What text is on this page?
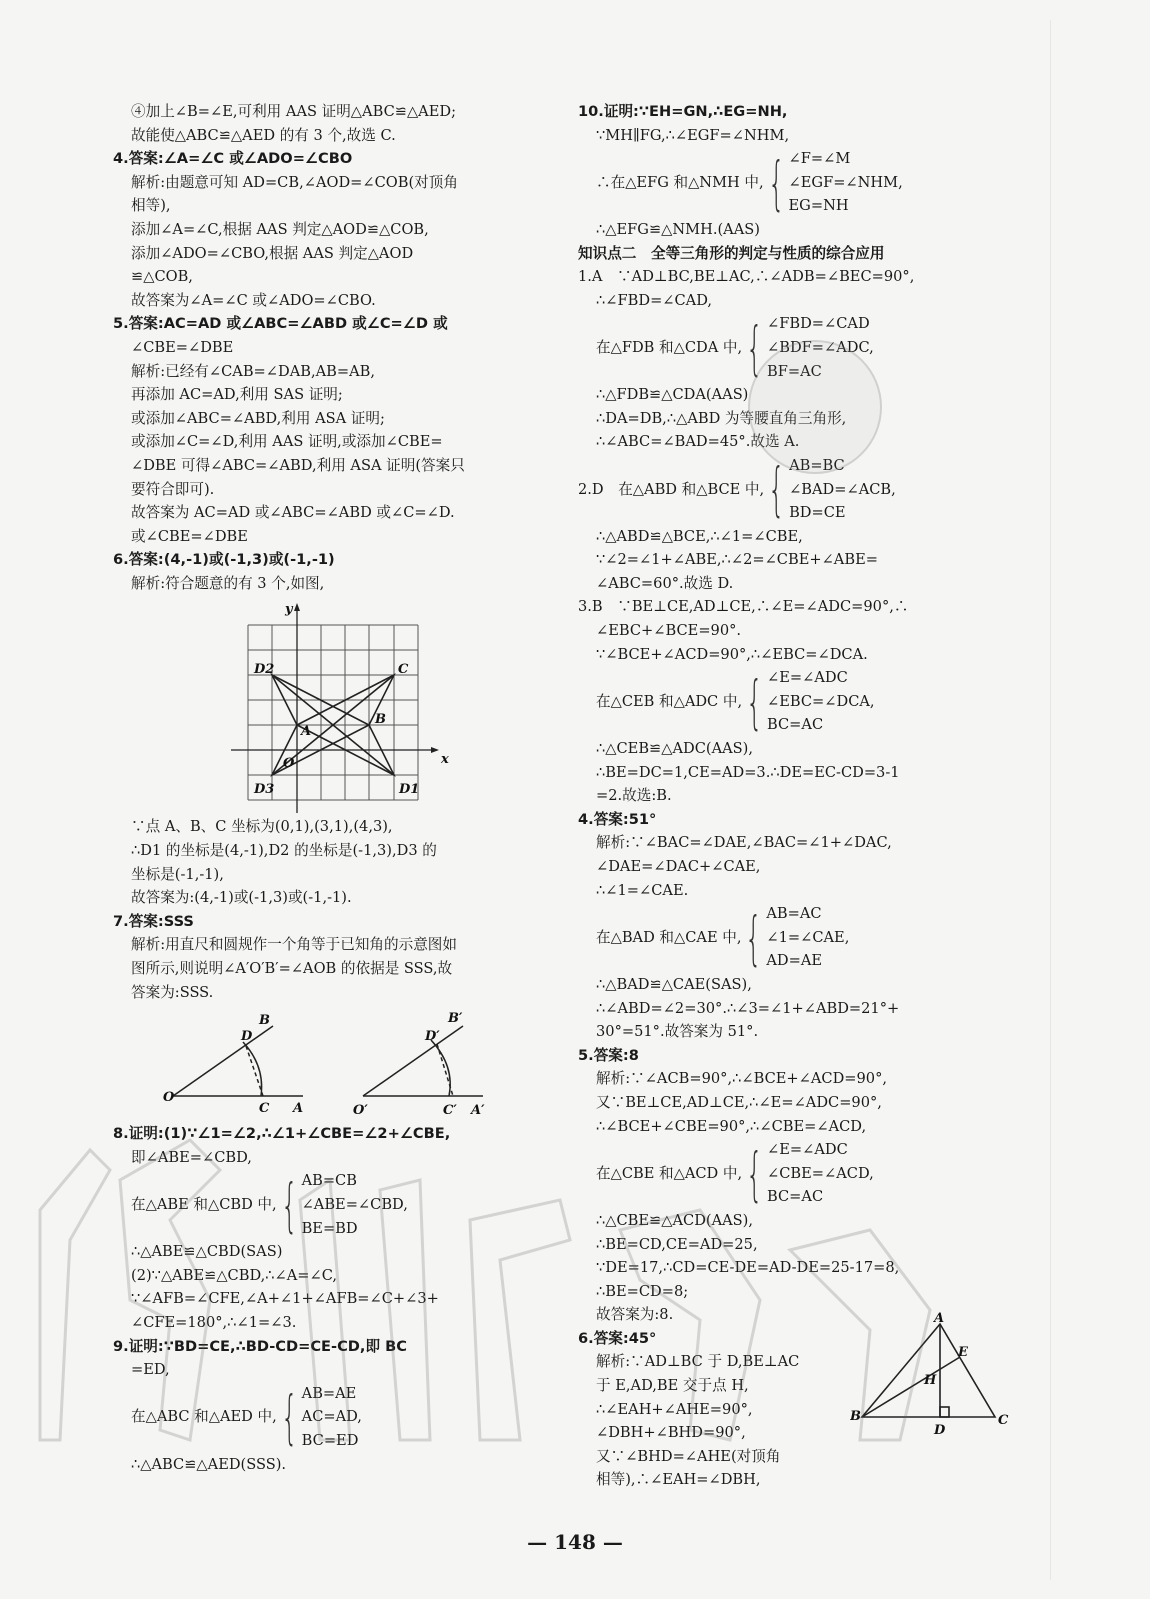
④加上∠B=∠E,可利用 AAS 证明△ABC≌△AED;
故能使△ABC≌△AED 的有 3 个,故选 C.
4.答案:∠A=∠C 或∠ADO=∠CBO
解析:由题意可知 AD=CB,∠AOD=∠COB(对顶角
相等),
添加∠A=∠C,根据 AAS 判定△AOD≌△COB,
添加∠ADO=∠CBO,根据 AAS 判定△AOD
≌△COB,
故答案为∠A=∠C 或∠ADO=∠CBO.
5.答案:AC=AD 或∠ABC=∠ABD 或∠C=∠D 或
∠CBE=∠DBE
解析:已经有∠CAB=∠DAB,AB=AB,
再添加 AC=AD,利用 SAS 证明;
或添加∠ABC=∠ABD,利用 ASA 证明;
或添加∠C=∠D,利用 AAS 证明,或添加∠CBE=
∠DBE 可得∠ABC=∠ABD,利用 ASA 证明(答案只
要符合即可).
故答案为 AC=AD 或∠ABC=∠ABD 或∠C=∠D.
或∠CBE=∠DBE
6.答案:(4,-1)或(-1,3)或(-1,-1)
解析:符合题意的有 3 个,如图,
y
x
D2	C
A
B
O
D3	D1
∵点 A、B、C 坐标为(0,1),(3,1),(4,3),
∴D1 的坐标是(4,-1),D2 的坐标是(-1,3),D3 的
坐标是(-1,-1),
故答案为:(4,-1)或(-1,3)或(-1,-1).
7.答案:SSS
解析:用直尺和圆规作一个角等于已知角的示意图如
图所示,则说明∠A′O′B′=∠AOB 的依据是 SSS,故
答案为:SSS.
B
D
O
C A
B′
D′
O′	C′ A′
8.证明:(1)∵∠1=∠2,∴∠1+∠CBE=∠2+∠CBE,
即∠ABE=∠CBD,
在△ABE 和△CBD 中, { AB=CB
∠ABE=∠CBD,
BE=BD
∴△ABE≌△CBD(SAS)
(2)∵△ABE≌△CBD,∴∠A=∠C,
∵∠AFB=∠CFE,∠A+∠1+∠AFB=∠C+∠3+
∠CFE=180°,∴∠1=∠3.
9.证明:∵BD=CE,∴BD-CD=CE-CD,即 BC
=ED,
在△ABC 和△AED 中, { AB=AE
AC=AD,
BC=ED
∴△ABC≌△AED(SSS).
10.证明:∵EH=GN,∴EG=NH,
∵MH∥FG,∴∠EGF=∠NHM,
∴在△EFG 和△NMH 中, { ∠F=∠M
∠EGF=∠NHM,
EG=NH
∴△EFG≌△NMH.(AAS)
知识点二　全等三角形的判定与性质的综合应用
1.A　∵AD⊥BC,BE⊥AC,∴∠ADB=∠BEC=90°,
∴∠FBD=∠CAD,
在△FDB 和△CDA 中, { ∠FBD=∠CAD
∠BDF=∠ADC,
BF=AC
∴△FDB≌△CDA(AAS)
∴DA=DB,∴△ABD 为等腰直角三角形,
∴∠ABC=∠BAD=45°.故选 A.
2.D　在△ABD 和△BCE 中, { AB=BC
∠BAD=∠ACB,
BD=CE
∴△ABD≌△BCE,∴∠1=∠CBE,
∵∠2=∠1+∠ABE,∴∠2=∠CBE+∠ABE=
∠ABC=60°.故选 D.
3.B　∵BE⊥CE,AD⊥CE,∴∠E=∠ADC=90°,∴
∠EBC+∠BCE=90°.
∵∠BCE+∠ACD=90°,∴∠EBC=∠DCA.
在△CEB 和△ADC 中, { ∠E=∠ADC
∠EBC=∠DCA,
BC=AC
∴△CEB≌△ADC(AAS),
∴BE=DC=1,CE=AD=3.∴DE=EC-CD=3-1
=2.故选:B.
4.答案:51°
解析:∵∠BAC=∠DAE,∠BAC=∠1+∠DAC,
∠DAE=∠DAC+∠CAE,
∴∠1=∠CAE.
在△BAD 和△CAE 中, { AB=AC
∠1=∠CAE,
AD=AE
∴△BAD≌△CAE(SAS),
∴∠ABD=∠2=30°.∴∠3=∠1+∠ABD=21°+
30°=51°.故答案为 51°.
5.答案:8
解析:∵∠ACB=90°,∴∠BCE+∠ACD=90°,
又∵BE⊥CE,AD⊥CE,∴∠E=∠ADC=90°,
∴∠BCE+∠CBE=90°,∴∠CBE=∠ACD,
在△CBE 和△ACD 中, { ∠E=∠ADC
∠CBE=∠ACD,
BC=AC
∴△CBE≌△ACD(AAS),
∴BE=CD,CE=AD=25,
∵DE=17,∴CD=CE-DE=AD-DE=25-17=8,
∴BE=CD=8;
故答案为:8.
6.答案:45°
解析:∵AD⊥BC 于 D,BE⊥AC
于 E,AD,BE 交于点 H,
∴∠EAH+∠AHE=90°,
∠DBH+∠BHD=90°,
又∵∠BHD=∠AHE(对顶角
相等),∴∠EAH=∠DBH,
A
E
H
B
D
C
— 148 —
